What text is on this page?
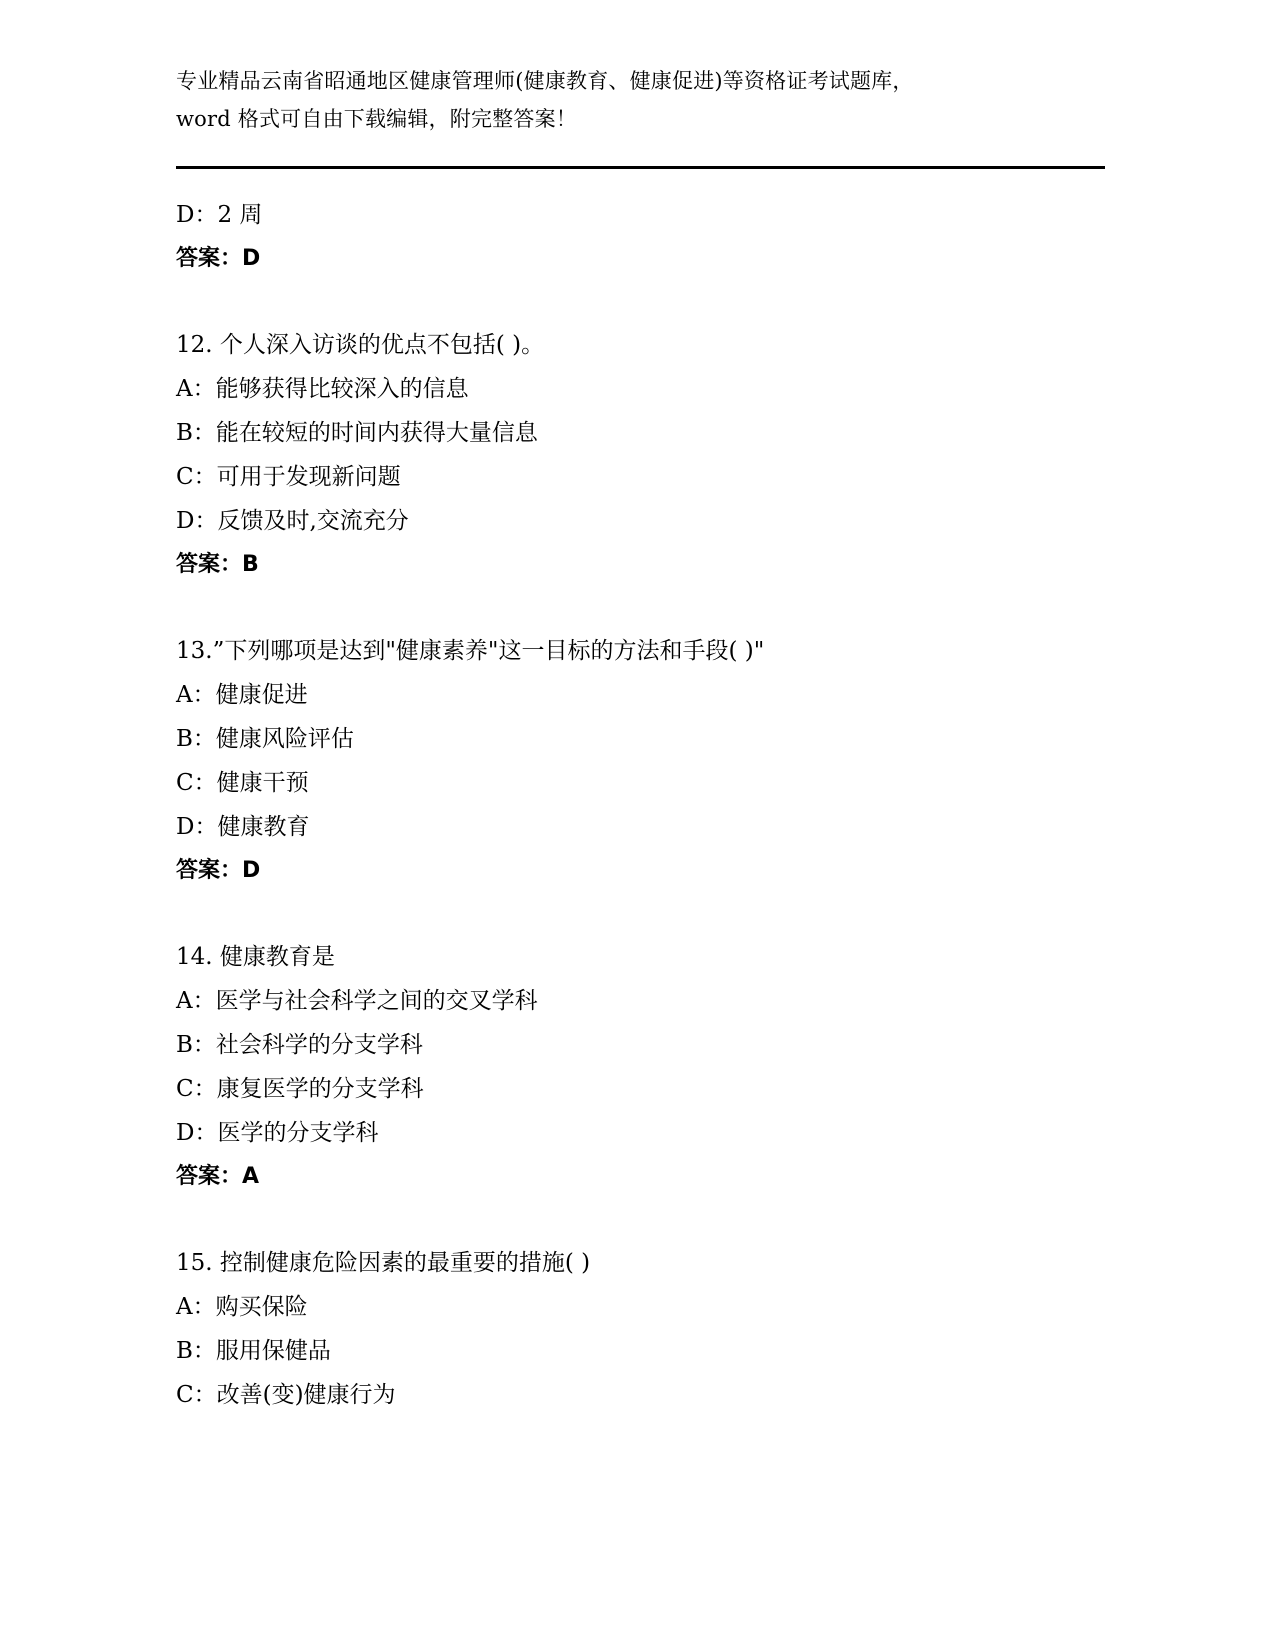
专业精品云南省昭通地区健康管理师(健康教育、健康促进)等资格证考试题库，
word 格式可自由下载编辑，附完整答案！
D：2 周
答案：D
12. 个人深入访谈的优点不包括( )。
A：能够获得比较深入的信息
B：能在较短的时间内获得大量信息
C：可用于发现新问题
D：反馈及时,交流充分
答案：B
13.”下列哪项是达到"健康素养"这一目标的方法和手段( )"
A：健康促进
B：健康风险评估
C：健康干预
D：健康教育
答案：D
14. 健康教育是
A：医学与社会科学之间的交叉学科
B：社会科学的分支学科
C：康复医学的分支学科
D：医学的分支学科
答案：A
15. 控制健康危险因素的最重要的措施( )
A：购买保险
B：服用保健品
C：改善(变)健康行为
